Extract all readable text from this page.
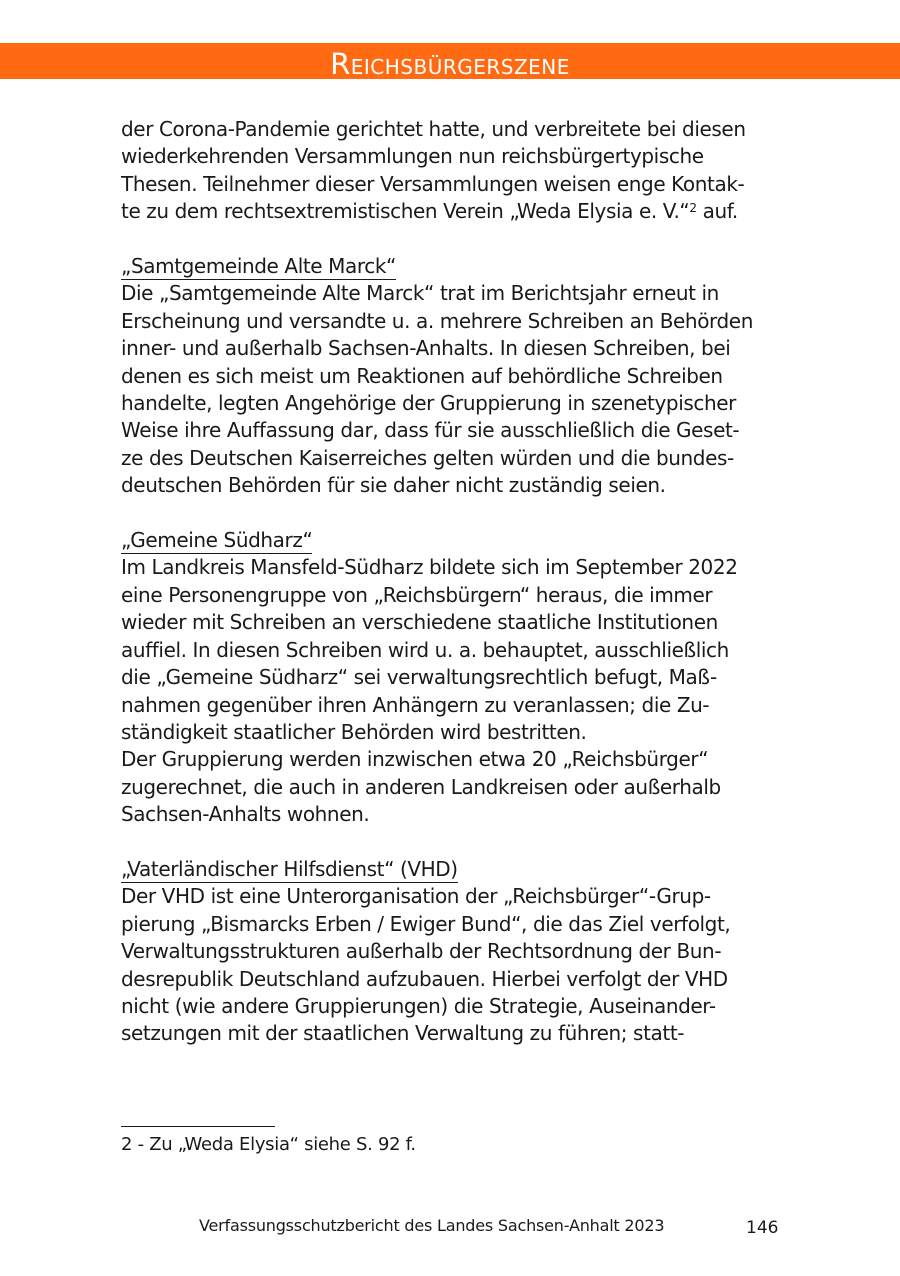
Reichsbürgerszene

der Corona-Pandemie gerichtet hatte, und verbreitete bei diesen

wiederkehrenden Versammlungen nun reichsbürgertypische

Thesen. Teilnehmer dieser Versammlungen weisen enge Kontak-

te zu dem rechtsextremistischen Verein „Weda Elysia e. V.“$^2$ auf.

„Samtgemeinde Alte Marck“

Die „Samtgemeinde Alte Marck“ trat im Berichtsjahr erneut in

Erscheinung und versandte u. a. mehrere Schreiben an Behörden

inner- und außerhalb Sachsen-Anhalts. In diesen Schreiben, bei

denen es sich meist um Reaktionen auf behördliche Schreiben

handelte, legten Angehörige der Gruppierung in szenetypischer

Weise ihre Auffassung dar, dass für sie ausschließlich die Geset-

ze des Deutschen Kaiserreiches gelten würden und die bundes-

deutschen Behörden für sie daher nicht zuständig seien.

„Gemeine Südharz“

Im Landkreis Mansfeld-Südharz bildete sich im September 2022

eine Personengruppe von „Reichsbürgern“ heraus, die immer

wieder mit Schreiben an verschiedene staatliche Institutionen

auffiel. In diesen Schreiben wird u. a. behauptet, ausschließlich

die „Gemeine Südharz“ sei verwaltungsrechtlich befugt, Maß-

nahmen gegenüber ihren Anhängern zu veranlassen; die Zu-

ständigkeit staatlicher Behörden wird bestritten.

Der Gruppierung werden inzwischen etwa 20 „Reichsbürger“

zugerechnet, die auch in anderen Landkreisen oder außerhalb

Sachsen-Anhalts wohnen.

„Vaterländischer Hilfsdienst“ (VHD)

Der VHD ist eine Unterorganisation der „Reichsbürger“-Grup-

pierung „Bismarcks Erben / Ewiger Bund“, die das Ziel verfolgt,

Verwaltungsstrukturen außerhalb der Rechtsordnung der Bun-

desrepublik Deutschland aufzubauen. Hierbei verfolgt der VHD

nicht (wie andere Gruppierungen) die Strategie, Auseinander-

setzungen mit der staatlichen Verwaltung zu führen; statt-

2 - Zu „Weda Elysia“ siehe S. 92 f.
Verfassungsschutzbericht des Landes Sachsen-Anhalt 2023	146
